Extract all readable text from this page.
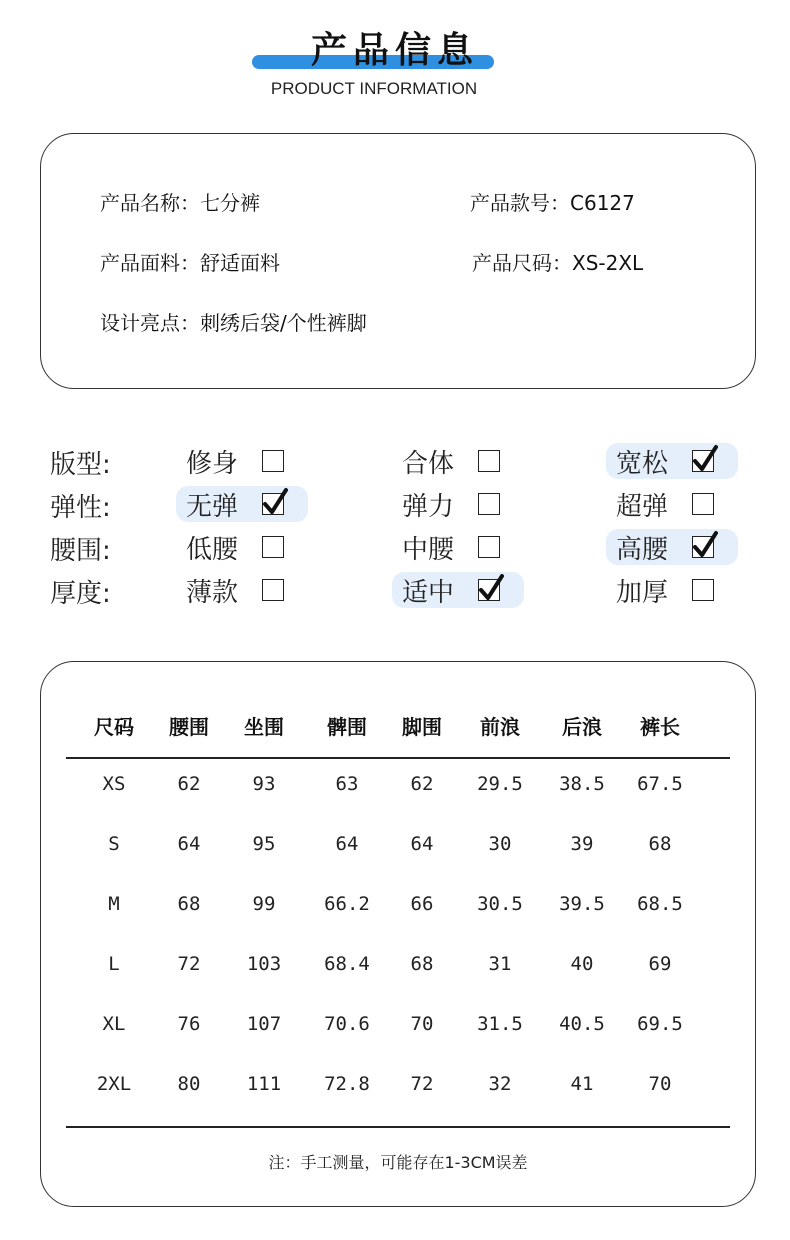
产品信息
PRODUCT INFORMATION
产品名称：七分裤	产品款号：C6127
产品面料：舒适面料	产品尺码：XS-2XL
设计亮点：刺绣后袋/个性裤脚
版型:	修身	合体	宽松
弹性:	无弹	弹力	超弹
腰围:	低腰	中腰	高腰
厚度:	薄款	适中	加厚
尺码	腰围	坐围	髀围	脚围	前浪	后浪	裤长
XS	62	93	63	62	29.5	38.5	67.5
S	64	95	64	64	30	39	68
M	68	99	66.2	66	30.5	39.5	68.5
L	72	103	68.4	68	31	40	69
XL	76	107	70.6	70	31.5	40.5	69.5
2XL	80	111	72.8	72	32	41	70
注：手工测量，可能存在1-3CM误差
